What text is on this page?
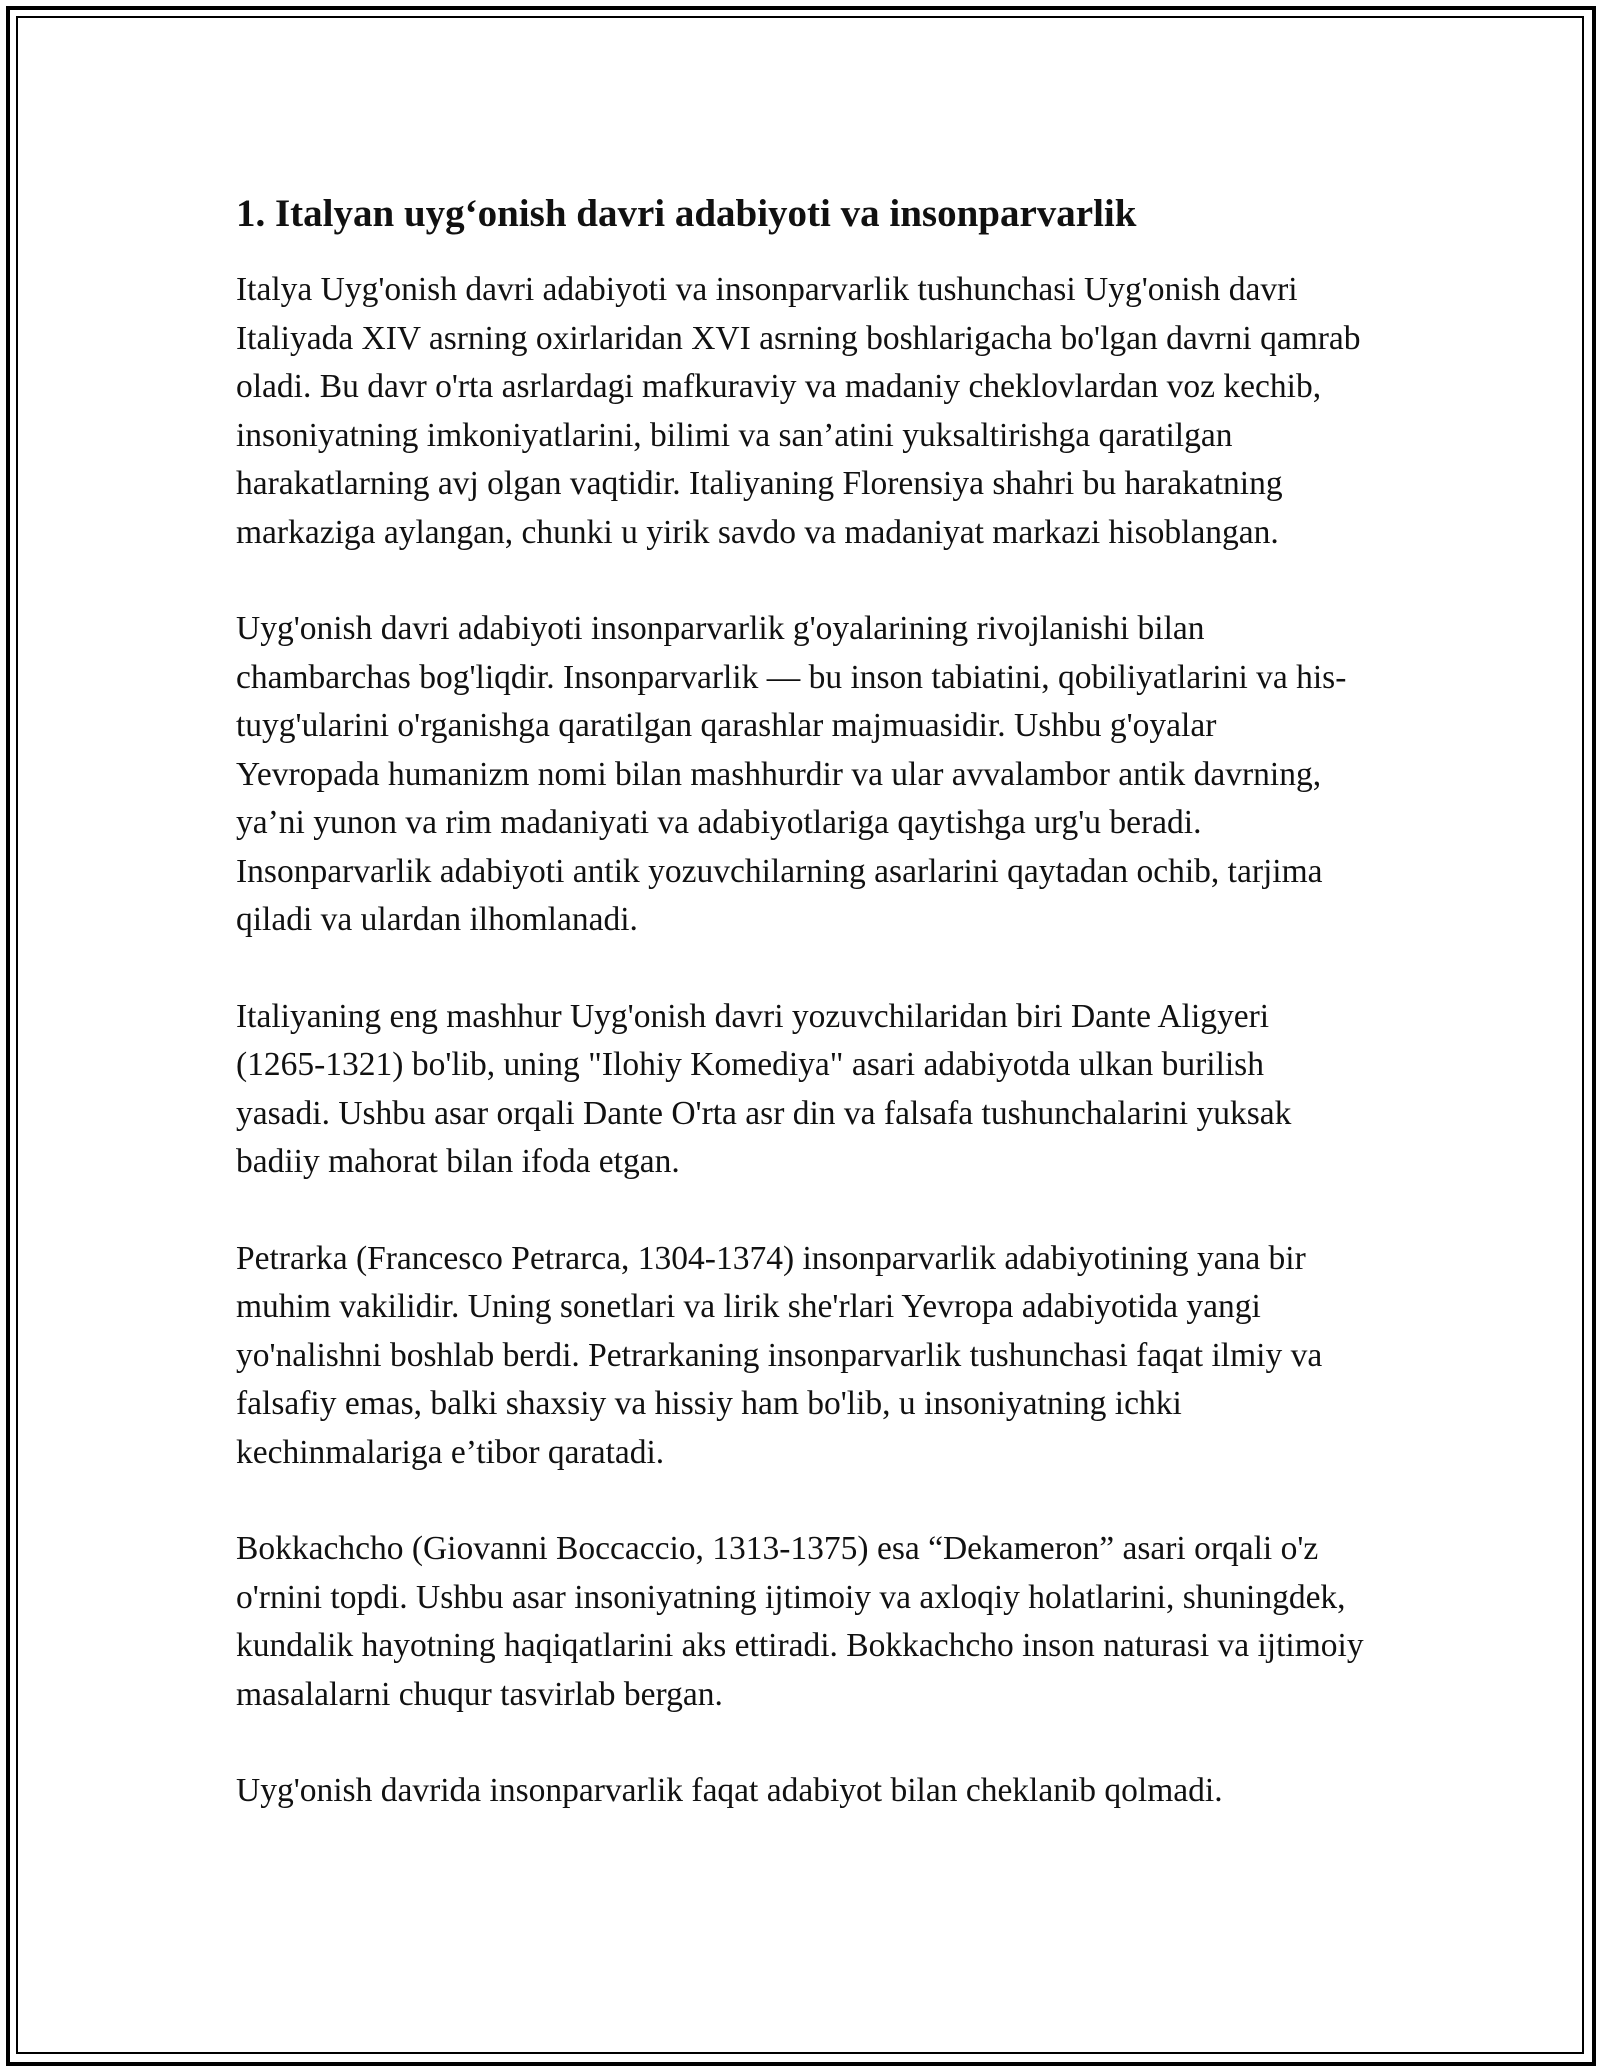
1. Italyan uyg‘onish davri adabiyoti va insonparvarlik

Italya Uyg'onish davri adabiyoti va insonparvarlik tushunchasi Uyg'onish davri Italiyada XIV asrning oxirlaridan XVI asrning boshlarigacha bo'lgan davrni qamrab oladi. Bu davr o'rta asrlardagi mafkuraviy va madaniy cheklovlardan voz kechib, insoniyatning imkoniyatlarini, bilimi va san’atini yuksaltirishga qaratilgan harakatlarning avj olgan vaqtidir. Italiyaning Florensiya shahri bu harakatning markaziga aylangan, chunki u yirik savdo va madaniyat markazi hisoblangan.

Uyg'onish davri adabiyoti insonparvarlik g'oyalarining rivojlanishi bilan chambarchas bog'liqdir. Insonparvarlik — bu inson tabiatini, qobiliyatlarini va his-tuyg'ularini o'rganishga qaratilgan qarashlar majmuasidir. Ushbu g'oyalar Yevropada humanizm nomi bilan mashhurdir va ular avvalambor antik davrning, ya’ni yunon va rim madaniyati va adabiyotlariga qaytishga urg'u beradi. Insonparvarlik adabiyoti antik yozuvchilarning asarlarini qaytadan ochib, tarjima qiladi va ulardan ilhomlanadi.

Italiyaning eng mashhur Uyg'onish davri yozuvchilaridan biri Dante Aligyeri (1265-1321) bo'lib, uning "Ilohiy Komediya" asari adabiyotda ulkan burilish yasadi. Ushbu asar orqali Dante O'rta asr din va falsafa tushunchalarini yuksak badiiy mahorat bilan ifoda etgan.

Petrarka (Francesco Petrarca, 1304-1374) insonparvarlik adabiyotining yana bir muhim vakilidir. Uning sonetlari va lirik she'rlari Yevropa adabiyotida yangi yo'nalishni boshlab berdi. Petrarkaning insonparvarlik tushunchasi faqat ilmiy va falsafiy emas, balki shaxsiy va hissiy ham bo'lib, u insoniyatning ichki kechinmalariga e’tibor qaratadi.

Bokkachcho (Giovanni Boccaccio, 1313-1375) esa “Dekameron” asari orqali o'z o'rnini topdi. Ushbu asar insoniyatning ijtimoiy va axloqiy holatlarini, shuningdek, kundalik hayotning haqiqatlarini aks ettiradi. Bokkachcho inson naturasi va ijtimoiy masalalarni chuqur tasvirlab bergan.

Uyg'onish davrida insonparvarlik faqat adabiyot bilan cheklanib qolmadi.
